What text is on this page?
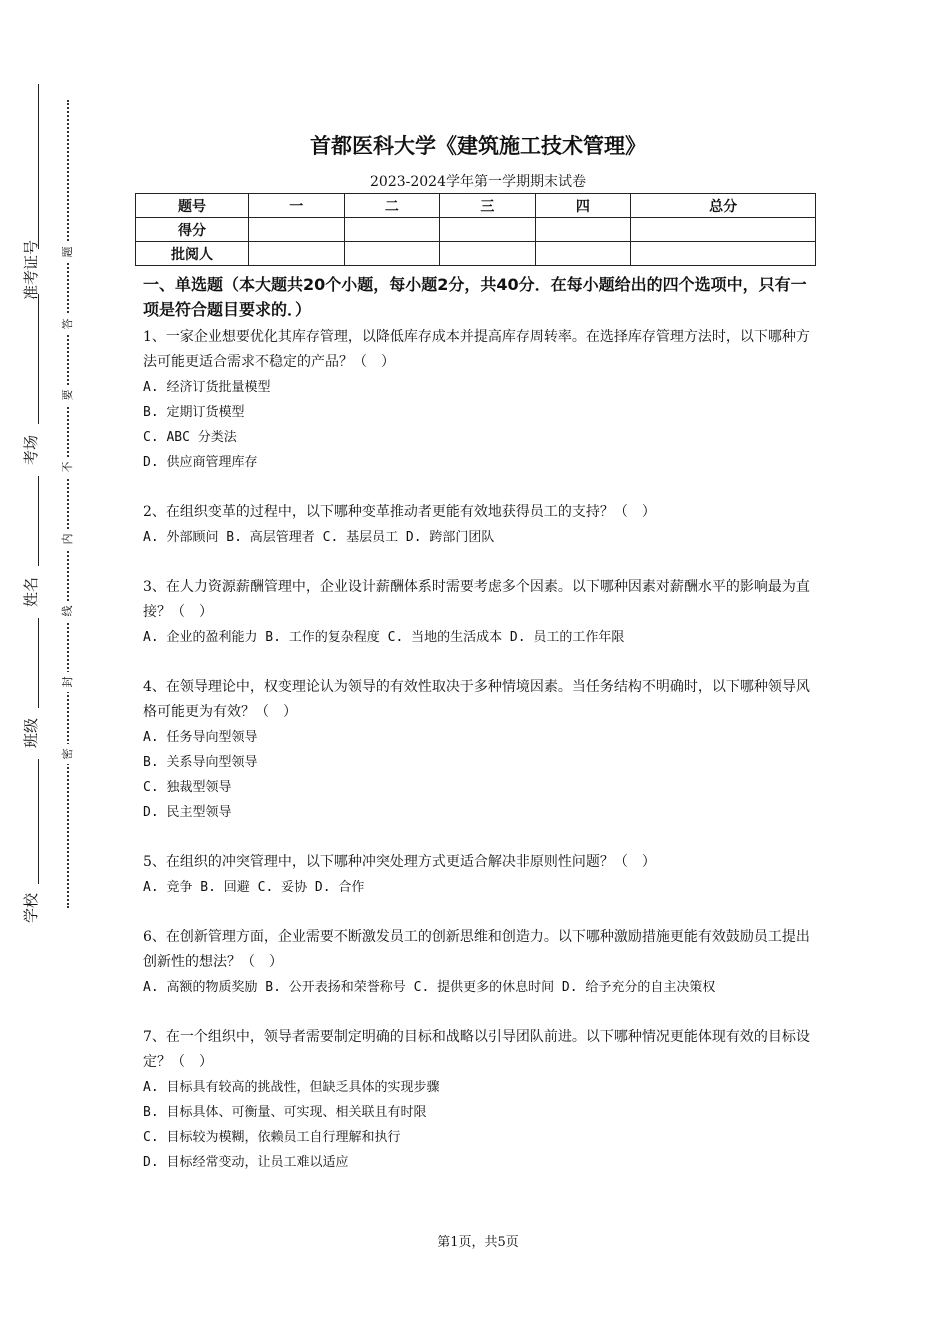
准考证号
考场
姓名
班级
学校
题
答
要
不
内
线
封
密
首都医科大学《建筑施工技术管理》
2023-2024学年第一学期期末试卷
题号	一	二	三	四	总分
得分					
批阅人					

一、单选题（本大题共20个小题，每小题2分，共40分．在每小题给出的四个选项中，只有一项是符合题目要求的．）

1、一家企业想要优化其库存管理，以降低库存成本并提高库存周转率。在选择库存管理方法时，以下哪种方法可能更适合需求不稳定的产品？（　）

A. 经济订货批量模型

B. 定期订货模型

C. ABC 分类法

D. 供应商管理库存

2、在组织变革的过程中，以下哪种变革推动者更能有效地获得员工的支持？（　）

A. 外部顾问 B. 高层管理者 C. 基层员工 D. 跨部门团队

3、在人力资源薪酬管理中，企业设计薪酬体系时需要考虑多个因素。以下哪种因素对薪酬水平的影响最为直接？（　）

A. 企业的盈利能力 B. 工作的复杂程度 C. 当地的生活成本 D. 员工的工作年限

4、在领导理论中，权变理论认为领导的有效性取决于多种情境因素。当任务结构不明确时，以下哪种领导风格可能更为有效？（　）

A. 任务导向型领导

B. 关系导向型领导

C. 独裁型领导

D. 民主型领导

5、在组织的冲突管理中，以下哪种冲突处理方式更适合解决非原则性问题？（　）

A. 竞争 B. 回避 C. 妥协 D. 合作

6、在创新管理方面，企业需要不断激发员工的创新思维和创造力。以下哪种激励措施更能有效鼓励员工提出创新性的想法？（　）

A. 高额的物质奖励 B. 公开表扬和荣誉称号 C. 提供更多的休息时间 D. 给予充分的自主决策权

7、在一个组织中，领导者需要制定明确的目标和战略以引导团队前进。以下哪种情况更能体现有效的目标设定？（　）

A. 目标具有较高的挑战性，但缺乏具体的实现步骤

B. 目标具体、可衡量、可实现、相关联且有时限

C. 目标较为模糊，依赖员工自行理解和执行

D. 目标经常变动，让员工难以适应

第1页，共5页
